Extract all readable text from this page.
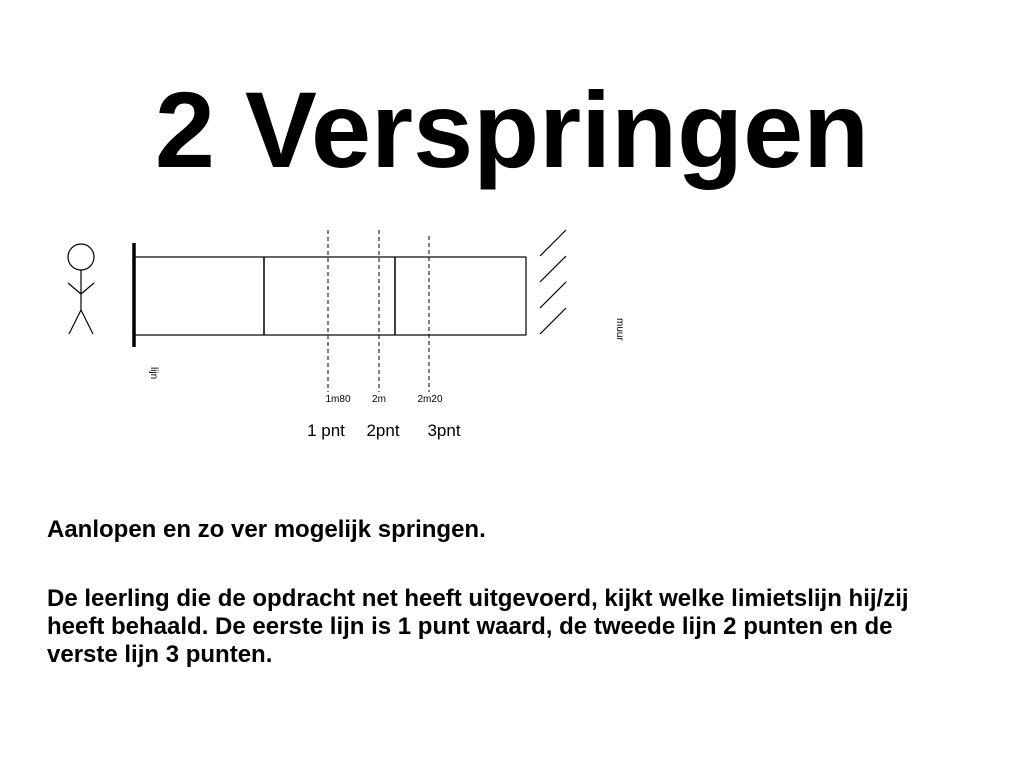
2 Verspringen
lijn
muur
1m80 2m	2m20
1 pnt 2pnt 3pnt

Aanlopen en zo ver mogelijk springen.

De leerling die de opdracht net heeft uitgevoerd, kijkt welke limietslijn hij/zij heeft behaald. De eerste lijn is 1 punt waard, de tweede lijn 2 punten en de verste lijn 3 punten.
